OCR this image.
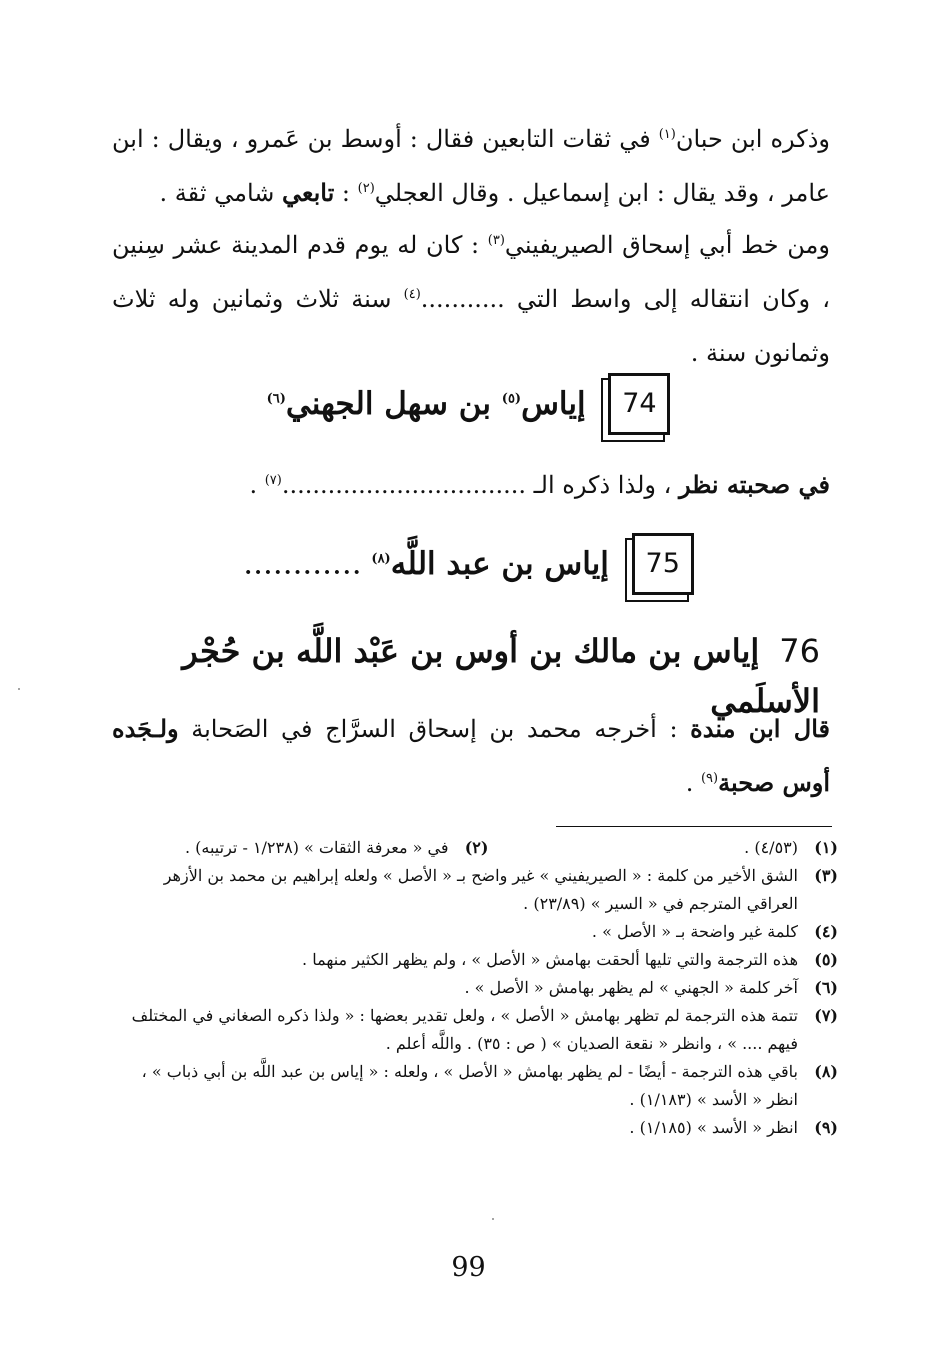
وذكره ابن حبان$^{(١)}$ في ثقات التابعين فقال : أوسط بن عَمرو ، ويقال : ابن عامر ، وقد يقال : ابن إسماعيل . وقال العجلي$^{(٢)}$ : تابعي شامي ثقة .
ومن خط أبي إسحاق الصيريفيني$^{(٣)}$ : كان له يوم قدم المدينة عشر سِنين ، وكان انتقاله إلى واسط التي ...........$^{(٤)}$ سنة ثلاث وثمانين وله ثلاث وثمانون سنة .
74
إياس$^{(٥)}$ بن سهل الجهني$^{(٦)}$
في صحبته نظر ، ولذا ذكره الـ ................................$^{(٧)}$ .
75
إياس بن عبد اللَّه$^{(٨)}$ ............
76إياس بن مالك بن أوس بن عَبْد اللَّه بن حُجْر الأسلَمي
قال ابن مندة : أخرجه محمد بن إسحاق السرَّاج في الصَحابة ولـجَده أوس صحبة$^{(٩)}$ .
(١)
(٤/٥٣) .
(٢)
في « معرفة الثقات » (١/٢٣٨ - ترتيبه) .
(٣)
الشق الأخير من كلمة : « الصيريفيني » غير واضح بـ « الأصل » ولعله إبراهيم بن محمد بن الأزهر العراقي المترجم في « السير » (٢٣/٨٩) .
(٤)
كلمة غير واضحة بـ « الأصل » .
(٥)
هذه الترجمة والتي تليها ألحقت بهامش « الأصل » ، ولم يظهر الكثير منهما .
(٦)
آخر كلمة « الجهني » لم يظهر بهامش « الأصل » .
(٧)
تتمة هذه الترجمة لم تظهر بهامش « الأصل » ، ولعل تقدير بعضها : « ولذا ذكره الصغاني في المختلف فيهم .... » ، وانظر « نقعة الصديان » ( ص : ٣٥) . واللَّه أعلم .
(٨)
باقي هذه الترجمة - أيضًا - لم يظهر بهامش « الأصل » ، ولعله : « إياس بن عبد اللَّه بن أبي ذباب » ، انظر « الأسد » (١/١٨٣) .
(٩)
انظر « الأسد » (١/١٨٥) .
99
